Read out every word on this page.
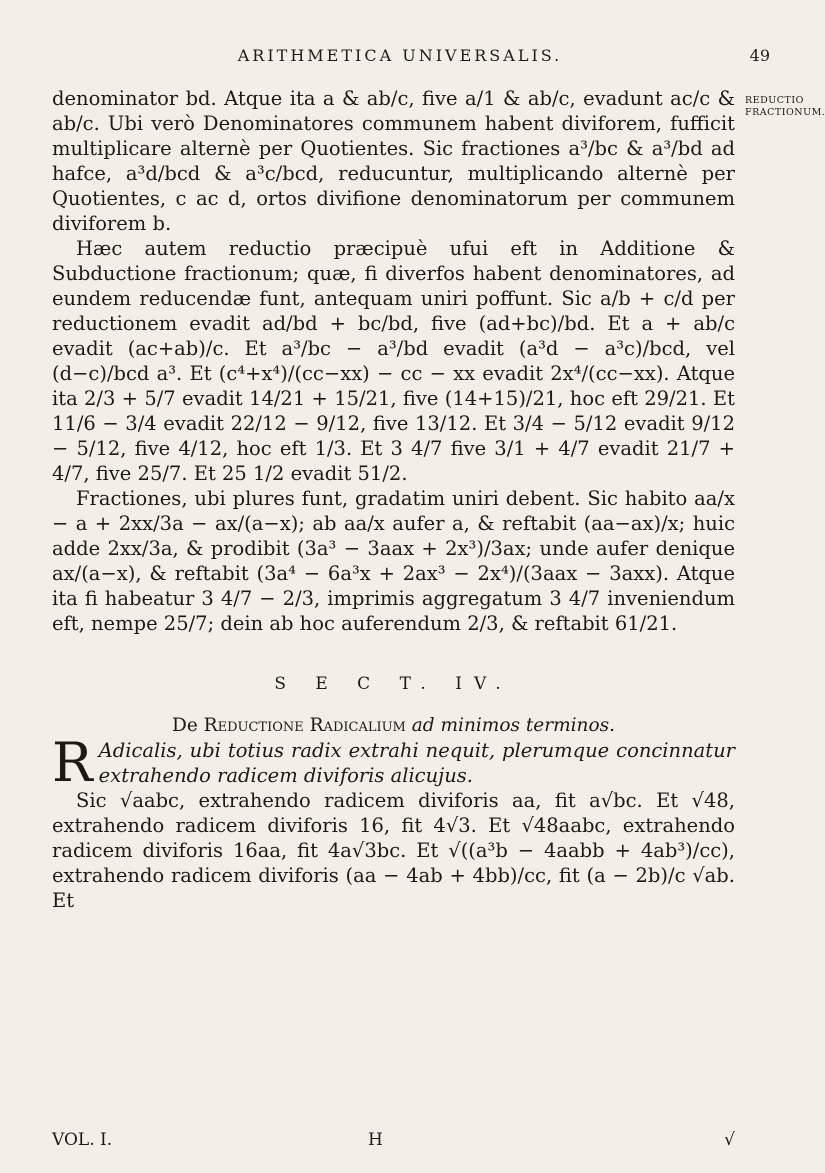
ARITHMETICA UNIVERSALIS.	49
REDUCTIO FRACTIONUM.

denominator bd. Atque ita a & ab/c, five a/1 & ab/c, evadunt ac/c & ab/c. Ubi verò Denominatores communem habent diviforem, fufficit multiplicare alternè per Quotientes. Sic fractiones a³/bc & a³/bd ad hafce, a³d/bcd & a³c/bcd, reducuntur, multiplicando alternè per Quotientes, c ac d, ortos divifione denominatorum per communem diviforem b.

Hæc autem reductio præcipuè ufui eft in Additione & Subductione fractionum; quæ, fi diverfos habent denominatores, ad eundem reducendæ funt, antequam uniri poffunt. Sic a/b + c/d per reductionem evadit ad/bd + bc/bd, five (ad+bc)/bd. Et a + ab/c evadit (ac+ab)/c. Et a³/bc − a³/bd evadit (a³d − a³c)/bcd, vel (d−c)/bcd a³. Et (c⁴+x⁴)/(cc−xx) − cc − xx evadit 2x⁴/(cc−xx). Atque ita 2/3 + 5/7 evadit 14/21 + 15/21, five (14+15)/21, hoc eft 29/21. Et 11/6 − 3/4 evadit 22/12 − 9/12, five 13/12. Et 3/4 − 5/12 evadit 9/12 − 5/12, five 4/12, hoc eft 1/3. Et 3 4/7 five 3/1 + 4/7 evadit 21/7 + 4/7, five 25/7. Et 25 1/2 evadit 51/2.

Fractiones, ubi plures funt, gradatim uniri debent. Sic habito aa/x − a + 2xx/3a − ax/(a−x); ab aa/x aufer a, & reftabit (aa−ax)/x; huic adde 2xx/3a, & prodibit (3a³ − 3aax + 2x³)/3ax; unde aufer denique ax/(a−x), & reftabit (3a⁴ − 6a³x + 2ax³ − 2x⁴)/(3aax − 3axx). Atque ita fi habeatur 3 4/7 − 2/3, imprimis aggregatum 3 4/7 inveniendum eft, nempe 25/7; dein ab hoc auferendum 2/3, & reftabit 61/21.

S E C T. IV.
De Reductione Radicalium ad minimos terminos.

R Adicalis, ubi totius radix extrahi nequit, plerumque concinnatur extrahendo radicem diviforis alicujus.

Sic √aabc, extrahendo radicem diviforis aa, fit a√bc. Et √48, extrahendo radicem diviforis 16, fit 4√3. Et √48aabc, extrahendo radicem diviforis 16aa, fit 4a√3bc. Et √((a³b − 4aabb + 4ab³)/cc), extrahendo radicem diviforis (aa − 4ab + 4bb)/cc, fit (a − 2b)/c √ab. Et

VOL. I.	H	√
